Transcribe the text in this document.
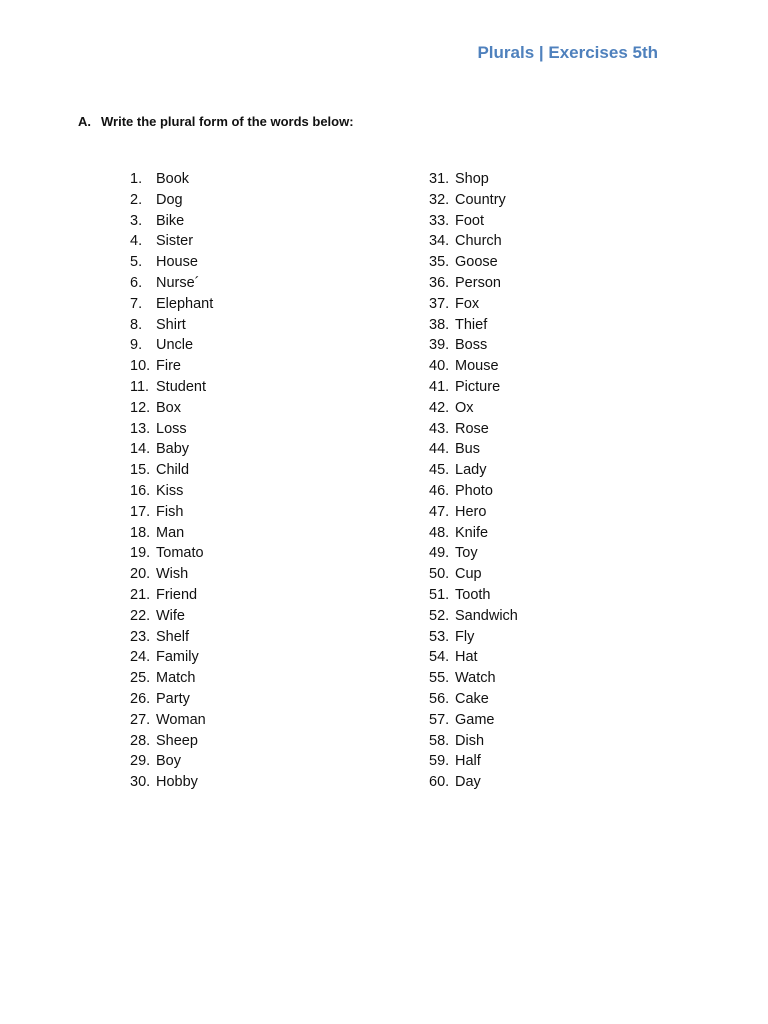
Plurals | Exercises 5th
A. Write the plural form of the words below:
1. Book
2. Dog
3. Bike
4. Sister
5. House
6. Nurse´
7. Elephant
8. Shirt
9. Uncle
10. Fire
11. Student
12. Box
13. Loss
14. Baby
15. Child
16. Kiss
17. Fish
18. Man
19. Tomato
20. Wish
21. Friend
22. Wife
23. Shelf
24. Family
25. Match
26. Party
27. Woman
28. Sheep
29. Boy
30. Hobby
31. Shop
32. Country
33. Foot
34. Church
35. Goose
36. Person
37. Fox
38. Thief
39. Boss
40. Mouse
41. Picture
42. Ox
43. Rose
44. Bus
45. Lady
46. Photo
47. Hero
48. Knife
49. Toy
50. Cup
51. Tooth
52. Sandwich
53. Fly
54. Hat
55. Watch
56. Cake
57. Game
58. Dish
59. Half
60. Day
